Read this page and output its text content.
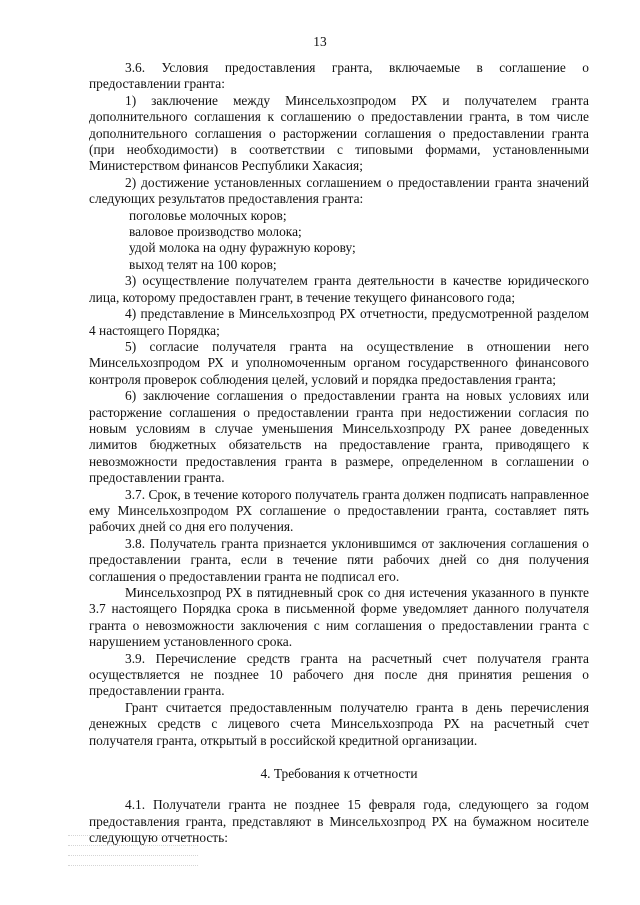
13

3.6. Условия предоставления гранта, включаемые в соглашение о предоставлении гранта:

1) заключение между Минсельхозпродом РХ и получателем гранта дополнительного соглашения к соглашению о предоставлении гранта, в том числе дополнительного соглашения о расторжении соглашения о предоставлении гранта (при необходимости) в соответствии с типовыми формами, установленными Министерством финансов Республики Хакасия;

2) достижение установленных соглашением о предоставлении гранта значений следующих результатов предоставления гранта:

поголовье молочных коров;

валовое производство молока;

удой молока на одну фуражную корову;

выход телят на 100 коров;

3) осуществление получателем гранта деятельности в качестве юридического лица, которому предоставлен грант, в течение текущего финансового года;

4) представление в Минсельхозпрод РХ отчетности, предусмотренной разделом 4 настоящего Порядка;

5) согласие получателя гранта на осуществление в отношении него Минсельхозпродом РХ и уполномоченным органом государственного финансового контроля проверок соблюдения целей, условий и порядка предоставления гранта;

6) заключение соглашения о предоставлении гранта на новых условиях или расторжение соглашения о предоставлении гранта при недостижении согласия по новым условиям в случае уменьшения Минсельхозпроду РХ ранее доведенных лимитов бюджетных обязательств на предоставление гранта, приводящего к невозможности предоставления гранта в размере, определенном в соглашении о предоставлении гранта.

3.7. Срок, в течение которого получатель гранта должен подписать направленное ему Минсельхозпродом РХ соглашение о предоставлении гранта, составляет пять рабочих дней со дня его получения.

3.8. Получатель гранта признается уклонившимся от заключения соглашения о предоставлении гранта, если в течение пяти рабочих дней со дня получения соглашения о предоставлении гранта не подписал его.

Минсельхозпрод РХ в пятидневный срок со дня истечения указанного в пункте 3.7 настоящего Порядка срока в письменной форме уведомляет данного получателя гранта о невозможности заключения с ним соглашения о предоставлении гранта с нарушением установленного срока.

3.9. Перечисление средств гранта на расчетный счет получателя гранта осуществляется не позднее 10 рабочего дня после дня принятия решения о предоставлении гранта.

Грант считается предоставленным получателю гранта в день перечисления денежных средств с лицевого счета Минсельхозпрода РХ на расчетный счет получателя гранта, открытый в российской кредитной организации.

4. Требования к отчетности

4.1. Получатели гранта не позднее 15 февраля года, следующего за годом предоставления гранта, представляют в Минсельхозпрод РХ на бумажном носителе следующую отчетность:
